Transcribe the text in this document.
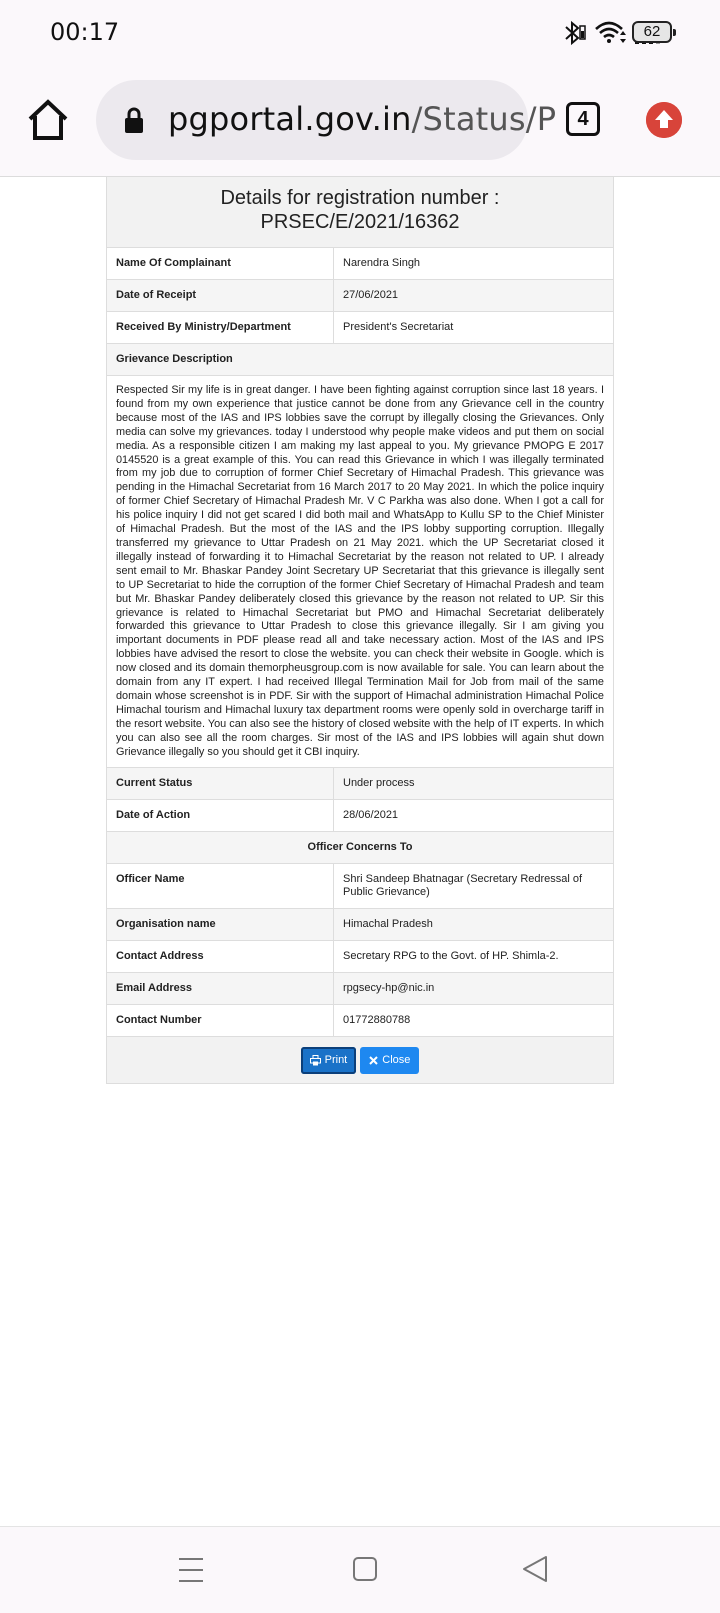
00:17	62
pgportal.gov.in/Status/P	4
Details for registration number :
PRSEC/E/2021/16362
Name Of Complainant	Narendra Singh
Date of Receipt	27/06/2021
Received By Ministry/Department	President's Secretariat
Grievance Description	
Respected Sir my life is in great danger. I have been fighting against corruption since last 18 years. I found from my own experience that justice cannot be done from any Grievance cell in the country because most of the IAS and IPS lobbies save the corrupt by illegally closing the Grievances. Only media can solve my grievances. today I understood why people make videos and put them on social media. As a responsible citizen I am making my last appeal to you. My grievance PMOPG E 2017 0145520 is a great example of this. You can read this Grievance in which I was illegally terminated from my job due to corruption of former Chief Secretary of Himachal Pradesh. This grievance was pending in the Himachal Secretariat from 16 March 2017 to 20 May 2021. In which the police inquiry of former Chief Secretary of Himachal Pradesh Mr. V C Parkha was also done. When I got a call for his police inquiry I did not get scared I did both mail and WhatsApp to Kullu SP to the Chief Minister of Himachal Pradesh. But the most of the IAS and the IPS lobby supporting corruption. Illegally transferred my grievance to Uttar Pradesh on 21 May 2021. which the UP Secretariat closed it illegally instead of forwarding it to Himachal Secretariat by the reason not related to UP. I already sent email to Mr. Bhaskar Pandey Joint Secretary UP Secretariat that this grievance is illegally sent to UP Secretariat to hide the corruption of the former Chief Secretary of Himachal Pradesh and team but Mr. Bhaskar Pandey deliberately closed this grievance by the reason not related to UP. Sir this grievance is related to Himachal Secretariat but PMO and Himachal Secretariat deliberately forwarded this grievance to Uttar Pradesh to close this grievance illegally. Sir I am giving you important documents in PDF please read all and take necessary action. Most of the IAS and IPS lobbies have advised the resort to close the website. you can check their website in Google. which is now closed and its domain themorpheusgroup.com is now available for sale. You can learn about the domain from any IT expert. I had received Illegal Termination Mail for Job from mail of the same domain whose screenshot is in PDF. Sir with the support of Himachal administration Himachal Police Himachal tourism and Himachal luxury tax department rooms were openly sold in overcharge tariff in the resort website. You can also see the history of closed website with the help of IT experts. In which you can also see all the room charges. Sir most of the IAS and IPS lobbies will again shut down Grievance illegally so you should get it CBI inquiry.	
Current Status	Under process
Date of Action	28/06/2021
Officer Concerns To	
Officer Name	Shri Sandeep Bhatnagar (Secretary Redressal of Public Grievance)
Organisation name	Himachal Pradesh
Contact Address	Secretary RPG to the Govt. of HP. Shimla-2.
Email Address	rpgsecy-hp@nic.in
Contact Number	01772880788
Print	Close
